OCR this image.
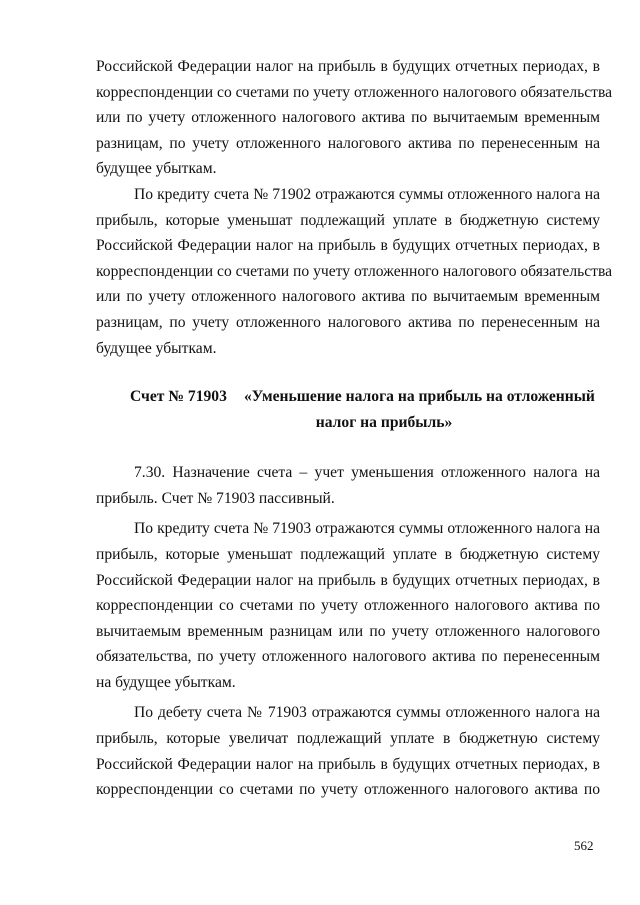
Российской Федерации налог на прибыль в будущих отчетных периодах, в
корреспонденции со счетами по учету отложенного налогового обязательства
или по учету отложенного налогового актива по вычитаемым временным
разницам, по учету отложенного налогового актива по перенесенным на
будущее убыткам.

По кредиту счета № 71902 отражаются суммы отложенного налога на
прибыль, которые уменьшат подлежащий уплате в бюджетную систему
Российской Федерации налог на прибыль в будущих отчетных периодах, в
корреспонденции со счетами по учету отложенного налогового обязательства
или по учету отложенного налогового актива по вычитаемым временным
разницам, по учету отложенного налогового актива по перенесенным на
будущее убыткам.

Счет № 71903 «Уменьшение налога на прибыль на отложенный
налог на прибыль»

7.30. Назначение счета – учет уменьшения отложенного налога на
прибыль. Счет № 71903 пассивный.

По кредиту счета № 71903 отражаются суммы отложенного налога на
прибыль, которые уменьшат подлежащий уплате в бюджетную систему
Российской Федерации налог на прибыль в будущих отчетных периодах, в
корреспонденции со счетами по учету отложенного налогового актива по
вычитаемым временным разницам или по учету отложенного налогового
обязательства, по учету отложенного налогового актива по перенесенным
на будущее убыткам.

По дебету счета № 71903 отражаются суммы отложенного налога на
прибыль, которые увеличат подлежащий уплате в бюджетную систему
Российской Федерации налог на прибыль в будущих отчетных периодах, в
корреспонденции со счетами по учету отложенного налогового актива по

562
